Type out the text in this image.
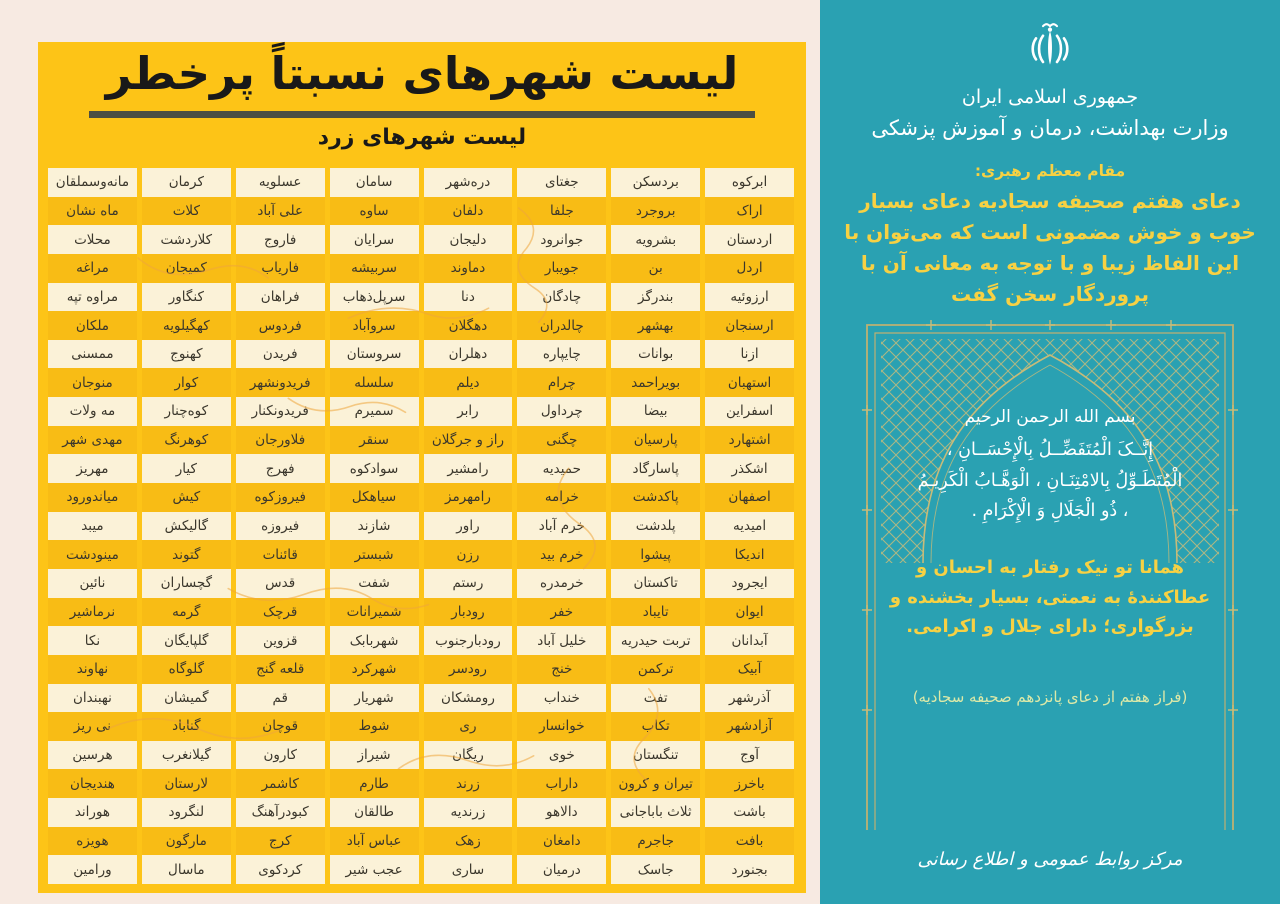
لیست شهرهای نسبتاً پرخطر
لیست شهرهای زرد
ابرکوه
اراک
اردستان
اردل
ارزوئیه
ارسنجان
ازنا
استهبان
اسفراین
اشتهارد
اشکذر
اصفهان
امیدیه
اندیکا
ایجرود
ایوان
آبدانان
آبیک
آذرشهر
آزادشهر
آوج
باخرز
باشت
بافت
بجنورد
بردسکن
بروجرد
بشرویه
بن
بندرگز
بهشهر
بوانات
بویراحمد
بیضا
پارسیان
پاسارگاد
پاکدشت
پلدشت
پیشوا
تاکستان
تایباد
تربت حیدریه
ترکمن
تفت
تکاب
تنگستان
تیران و کرون
ثلاث باباجانی
جاجرم
جاسک
جغتای
جلفا
جوانرود
جویبار
چادگان
چالدران
چایپاره
چرام
چرداول
چگنی
حمیدیه
خرامه
خرم آباد
خرم بید
خرمدره
خفر
خلیل آباد
خنج
خنداب
خوانسار
خوی
داراب
دالاهو
دامغان
درمیان
دره‌شهر
دلفان
دلیجان
دماوند
دنا
دهگلان
دهلران
دیلم
رابر
راز و جرگلان
رامشیر
رامهرمز
راور
رزن
رستم
رودبار
رودبارجنوب
رودسر
رومشکان
ری
ریگان
زرند
زرندیه
زهک
ساری
سامان
ساوه
سرایان
سربیشه
سرپل‌ذهاب
سروآباد
سروستان
سلسله
سمیرم
سنقر
سوادکوه
سیاهکل
شازند
شبستر
شفت
شمیرانات
شهربابک
شهرکرد
شهریار
شوط
شیراز
طارم
طالقان
عباس آباد
عجب شیر
عسلویه
علی آباد
فاروج
فاریاب
فراهان
فردوس
فریدن
فریدونشهر
فریدونکنار
فلاورجان
فهرج
فیروزکوه
فیروزه
قائنات
قدس
قرچک
قزوین
قلعه گنج
قم
قوچان
کارون
کاشمر
کبودرآهنگ
کرج
کردکوی
کرمان
کلات
کلاردشت
کمیجان
کنگاور
کهگیلویه
کهنوج
کوار
کوه‌چنار
کوهرنگ
کیار
کیش
گالیکش
گتوند
گچساران
گرمه
گلپایگان
گلوگاه
گمیشان
گناباد
گیلانغرب
لارستان
لنگرود
مارگون
ماسال
مانه‌وسملقان
ماه نشان
محلات
مراغه
مراوه تپه
ملکان
ممسنی
منوجان
مه ولات
مهدی شهر
مهریز
میاندورود
میبد
مینودشت
نائین
نرماشیر
نکا
نهاوند
نهبندان
نی ریز
هرسین
هندیجان
هوراند
هویزه
ورامین
جمهوری اسلامی ایران
وزارت بهداشت، درمان و آموزش پزشکی
مقام معظم رهبری:
دعای هفتم صحیفه سجادیه دعای بسیار خوب و خوش مضمونی است که می‌توان با این الفاظ زیبا و با توجه به معانی آن با پروردگار سخن گفت
بسم الله الرحمن الرحیم
إِنَّــکَ الْمُتَفَضِّــلُ بِالْإِحْسَــانِ ،
الْمُتَطَـوِّلُ بِالامْتِنَـانِ ، الْوَهَّـابُ الْکَرِیـمُ
، ذُو الْجَلَالِ وَ الْإِکْرَامِ .
همانا تو نیک رفتار به احسان و عطاکنندهٔ به نعمتی، بسیار بخشنده و بزرگواری؛ دارای جلال و اکرامی.
(فراز هفتم از دعای پانزدهم صحیفه سجادیه)
مرکز روابط عمومی و اطلاع رسانی
